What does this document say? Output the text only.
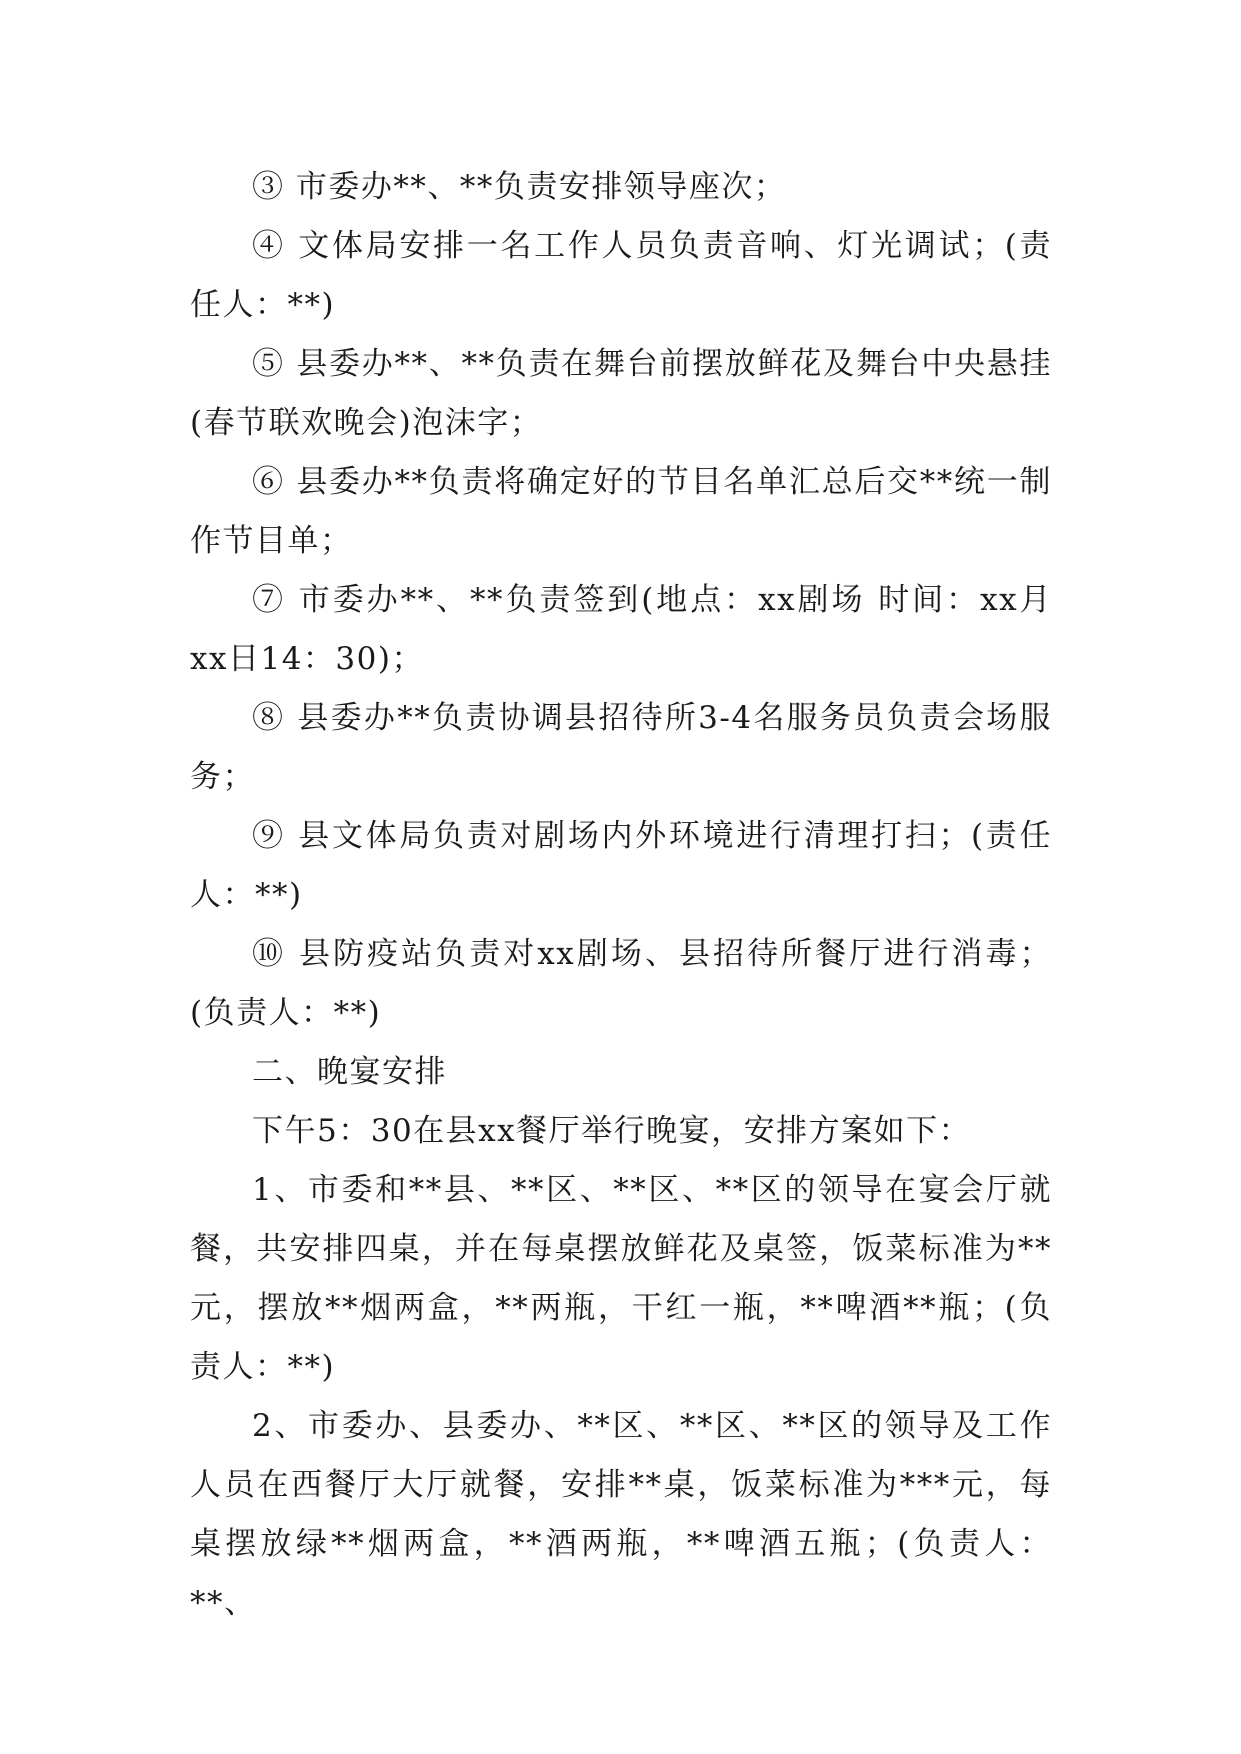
③ 市委办**、**负责安排领导座次；

④ 文体局安排一名工作人员负责音响、灯光调试；(责任人：**)

⑤ 县委办**、**负责在舞台前摆放鲜花及舞台中央悬挂(春节联欢晚会)泡沫字；

⑥ 县委办**负责将确定好的节目名单汇总后交**统一制作节目单；

⑦ 市委办**、**负责签到(地点：xx剧场 时间：xx月xx日14：30)；

⑧ 县委办**负责协调县招待所3-4名服务员负责会场服务；

⑨ 县文体局负责对剧场内外环境进行清理打扫；(责任人：**)

⑩ 县防疫站负责对xx剧场、县招待所餐厅进行消毒；(负责人：**)

二、晚宴安排

下午5：30在县xx餐厅举行晚宴，安排方案如下：

1、市委和**县、**区、**区、**区的领导在宴会厅就餐，共安排四桌，并在每桌摆放鲜花及桌签，饭菜标准为**元，摆放**烟两盒，**两瓶，干红一瓶，**啤酒**瓶；(负责人：**)

2、市委办、县委办、**区、**区、**区的领导及工作人员在西餐厅大厅就餐，安排**桌，饭菜标准为***元，每桌摆放绿**烟两盒，**酒两瓶，**啤酒五瓶；(负责人：**、
